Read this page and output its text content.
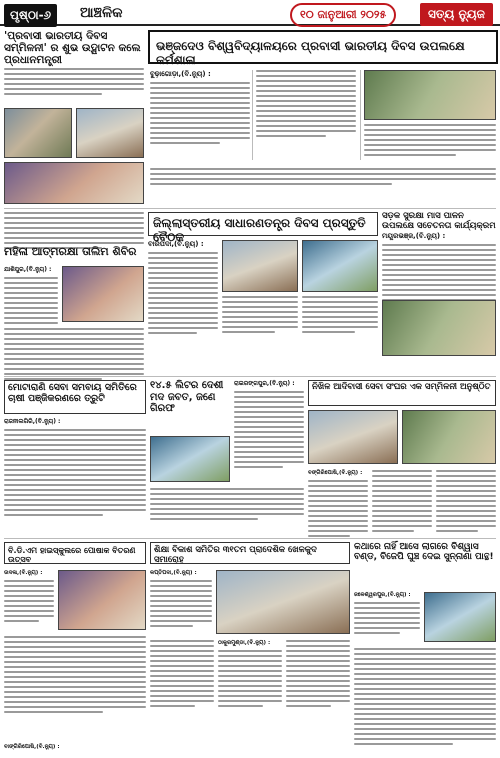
ପୃଷ୍ଠା-୬	ଆଞ୍ଚଳିକ	୧୦ ଜାନୁଆରୀ ୨୦୨୫	ସତ୍ୟ ନ୍ୟୁଜ
'ପ୍ରବାସୀ ଭାରତୀୟ ଦିବସ ସମ୍ମିଳନୀ' ର ଶୁଭ ଉଦ୍ଘାଟନ କଲେ ପ୍ରଧାନମନ୍ତ୍ରୀ
ଭଞ୍ଜଦେଓ ବିଶ୍ୱବିଦ୍ୟାଳୟରେ ପ୍ରବାସୀ ଭାରତୀୟ ଦିବସ ଉପଲକ୍ଷେ କର୍ମଶାଳା
ବୁଢ଼ାଗୋଡ଼ା,(ବି.ନ୍ୟୁ) :
ଜିଲ୍ଲାସ୍ତରୀୟ ସାଧାରଣତନ୍ତ୍ର ଦିବସ ପ୍ରସ୍ତୁତି ବୈଠକ
ସଡ଼କ ସୁରକ୍ଷା ମାସ ପାଳନ ଉପଲକ୍ଷେ ସଚେତନତା କାର୍ଯ୍ୟକ୍ରମ
ବାରିପଦା,(ବି.ନ୍ୟୁ) :
ମୟୂରଭଞ୍ଜ,(ବି.ନ୍ୟୁ) :
ମହିଳା ଆତ୍ମରକ୍ଷା ତାଲିମ ଶିବିର
ଯାଶିପୁର,(ବି.ନ୍ୟୁ) :
୧୪.୫ ଲିଟର ଦେଶୀ ମଦ ଜବତ, ଜଣେ ଗିରଫ
ରାଇରଙ୍ଗପୁର,(ବି.ନ୍ୟୁ) :
ମୋଟାରାଣି ସେବା ସମବାୟ ସମିତିରେ ଚାଷୀ ପଞ୍ଜିକରଣରେ ତ୍ରୁଟି
ରାଜନୀଲଗିରି,(ବି.ନ୍ୟୁ) :
ନିଖିଳ ଆଦିବାସୀ ସେବା ସଂଘର ଏକ ସମ୍ମିଳନୀ ଅନୁଷ୍ଠିତ
ବଙ୍ଗିରିପୋଷି,(ବି.ନ୍ୟୁ) :
ବି.ଡି.ଏମ ହାଇସ୍କୁଲରେ ପୋଷାକ ବିତରଣ ଉତ୍ସବ
ଉଦଳା,(ବି.ନ୍ୟୁ) :
ଶିକ୍ଷା ବିକାଶ ସମିତିର ୩୧ତମ ପ୍ରାଦେଶିକ ଖେଳକୁଦ ସମାରୋହ
କପ୍ତିପଦା,(ବି.ନ୍ୟୁ) :
ଠାକୁରମୁଣ୍ଡା,(ବି.ନ୍ୟୁ) :
କଥାରେ ନାହିଁ ଆସେ ଲାଗରେ ବିଶ୍ୱାସ ବଣ୍ଡ, ବିଜେପି ଘୁଞ୍ଚ ଦେଇ ସୁନ୍ନାଣା ପାନ୍ଥ!
ଜଳେଶ୍ୱରପୁର,(ବି.ନ୍ୟୁ) :
ବାଙ୍ଗିରିପୋଷି,(ବି.ନ୍ୟୁ) :
